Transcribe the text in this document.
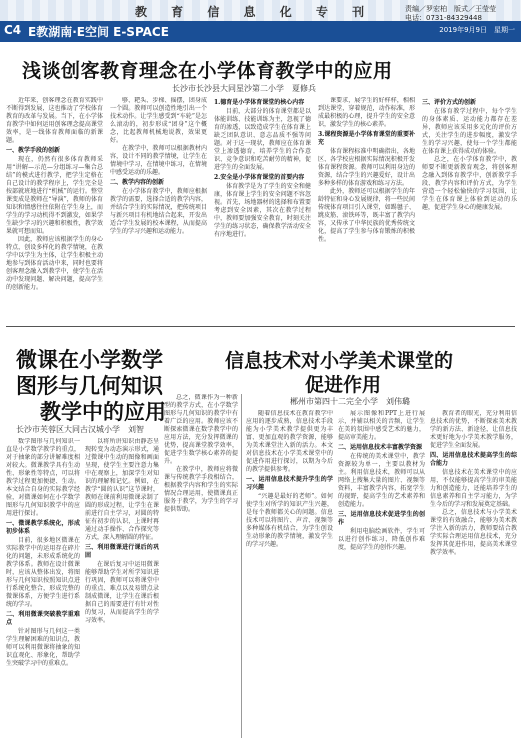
教 育 信 息 化 专 刊	责编／罗宏柏　版式／王莹莹
电话：0731-84329448
C4 E教湖南·E空间 E-SPACE	2019年9月9日　星期一
浅谈创客教育理念在小学体育教学中的应用
长沙市长沙县大同星沙第二小学　夏修兵

近年来，创客理念在教育实践中不断得到发展，这也推动了学校体育教育的改革与发展。当下，在小学体育教学中如何运用创客理念提高课堂效率，是一线体育教师面临的新课题。

一、教学手段的创新

现在，仍然有很多体育教师采用“讲解—示范—分组练习—集合总结”的模式进行教学，把学生定格在自己设计的教学程序上，学生完全是按部就班地进行“机械”的运行。整堂课变成是教师在“导演”，教师的体育知识和情感往往依附在学生身上，而学生的学习动机得不到激发，如果学生缺少学习的兴趣和积极性，教学效果就可想而知。

因此，教师应该根据学生的身心特点，创设多样化的教学情境，在教学中以学生为主体，让学生积极主动地参与到体育活动中来，同时也要将创客理念融入到教学中，使学生在活动中发现问题、解决问题，提高学生的创新能力。

够、耙头、步梯、摇摆，团身成一个圆。教师可以创造性地引出一个技术动作。让学生感受到“车轮”是怎么滚动的，初步形成“团身”这个概念，比起教师机械地说教，效果更好。

在教学中，教师可以根据教材内容，设计不同的教学情境，让学生在情境中学习，在情境中练习，在情境中感受运动的乐趣。

二、教学内容的创新

在小学体育教学中，教师应根据教学的需要，选择合适的教学内容，并结合学生的实际情况，把传统项目与新兴项目有机地结合起来，开发出适合学生发展的校本课程，从而提高学生的学习兴趣和运动能力。

1.德育是小学体育课堂的核心内容

目前，大部分的体育课堂都是以体能训练、技能训练为主，忽视了德育的渗透，以致造成学生在体育课上缺乏团队意识、意志品质不强等问题。对于这一现状，教师应在体育课堂上渗透德育，培养学生的合作意识、竞争意识和吃苦耐劳的精神，促进学生的全面发展。

2.安全是小学体育课堂的首要内容

体育教学是为了学生的安全和健康，体育课上学生的安全问题不容忽视。首先，场地器材的选择和布置要考虑到安全因素，其次在教学过程中，教师要加强安全教育，时刻关注学生的练习状态，确保教学活动安全有序地进行。

课要求，展学生的好样样，相相到达课堂，穿着规范，动作标准，形成最积极的心理，提升学生的安全意识，激发学生的核心素养。

3.课程资源是小学体育课堂的重要补充

体育课程标准中明确指出，各地区、各学校应根据实际情况积极开发体育课程资源。教师可以利用身边的资源，结合学生的兴趣爱好，设计出多种多样的体育游戏和练习方法。

此外，教师还可以根据学生的年龄特征和身心发展规律，将一些民间传统体育项目引入课堂，如踢毽子、跳皮筋、滚铁环等，既丰富了教学内容，又传承了中华民族的优秀传统文化，提高了学生参与体育锻炼的积极性。

三、评价方式的创新

在体育教学过程中，每个学生的身体素质、运动能力都存在差异，教师应该采用多元化的评价方式，关注学生的进步幅度，激发学生的学习兴趣，使每一个学生都能在体育课上获得成功的体验。

总之，在小学体育教学中，教师要不断更新教育观念，将创客理念融入到体育教学中，创新教学手段、教学内容和评价方式，为学生营造一个轻松愉快的学习氛围，让学生在体育课上体验到运动的乐趣，促进学生身心的健康发展。

信息技术对小学美术课堂的
促进作用
微课在小学数学
图形与几何知识
教学中的应用
长沙市芙蓉区大同古汉城小学　刘智

数学图形与几何知识一直是小学数学教学的重点，对于抽象的部分讲解难度相对较大。微课教学具有生动性、形象性等特点，可以将教学过程更加便捷、生动。本文结合自身的实际教学经验，对微课如何在小学数学图形与几何知识教学中的应用进行探讨。

一、微课教学系统化，形成初步体系

目前，很多地区微课在实际教学中的运用存在碎片化的问题，未形成系统化的教学体系。教师在设计微课时，应该从整体出发，将图形与几何知识按照知识点进行系统化整合，形成完整的微课体系，方便学生进行系统的学习。

二、利用微课突破教学重难点

针对图形与几何这一类学生理解困难的知识点，教师可以利用微课将抽象的知识直观化、形象化，帮助学生突破学习中的重难点。

以将所讲知识由静态呈现转变为动态演示形式，通过微课中生动的图像和画面呈现，使学生主要注意力集中在观察上，加深学生对知识的理解和记忆。例如，在教学“圆的认识”这节课时，教师在课前利用微课录制了圆的形成过程，让学生在课前进行自主学习，对圆的特征有初步的认识，上课时再通过动手操作、合作探究等方式，深入理解圆的特征。

三、利用微课进行课后的巩固

在课后复习中运用微课能够帮助学生对所学知识进行巩固，教师可以将课堂中的重点、难点以及易错点录制成微课，让学生在课后根据自己的需要进行有针对性的复习，从而提高学生的学习效率。

总之，微课作为一种新型的教学方式，在小学数学图形与几何知识的教学中有着广泛的应用。教师应该不断探索微课在数学教学中的应用方法，充分发挥微课的优势，提高课堂教学效率，促进学生数学核心素养的提升。

在教学中，教师应将微课与传统教学手段相结合，根据教学内容和学生的实际情况合理运用，使微课真正服务于教学，为学生的学习提供帮助。

郴州市第四十二完全小学　刘伟璐

随着信息技术在教育教学中应用的逐步成熟，信息技术手段能为小学美术教学提供更为丰富、更加直观的教学资源，能够为美术课堂注入新的活力。本文对信息技术在小学美术课堂中的促进作用进行探讨，以期为今后的教学提供参考。

一、运用信息技术提升学生的学习兴趣

“兴趣是最好的老师”。如何使学生对所学的知识产生兴趣，是每个教师都关心的问题。信息技术可以将图片、声音、视频等多种媒体有机结合，为学生创设生动形象的教学情境，激发学生的学习兴趣。

展示图像和PPT上进行展示，并辅以相关的音频，让学生在美的氛围中感受艺术的魅力，提高审美能力。

二、运用信息技术丰富教学资源

在传统的美术课堂中，教学资源较为单一，主要以教材为主。利用信息技术，教师可以从网络上搜集大量的图片、视频等资料，丰富教学内容，拓宽学生的视野，提高学生的艺术素养和创造能力。

三、运用信息技术促进学生的创作

利用电脑绘画软件，学生可以进行创作练习，降低创作难度，提高学生的创作兴趣。

教育者的眼光，充分利用信息技术的优势，不断探索美术教学的新方法、新途径，让信息技术更好地为小学美术教学服务，促进学生全面发展。

四、运用信息技术提高学生的综合能力

信息技术在美术课堂中的应用，不仅能够提高学生的审美能力和创造能力，还能培养学生的信息素养和自主学习能力，为学生今后的学习和发展奠定基础。

总之，信息技术与小学美术课堂的有效融合，能够为美术教学注入新的活力，教师要结合教学实际合理运用信息技术，充分发挥其促进作用，提高美术课堂教学效率。
